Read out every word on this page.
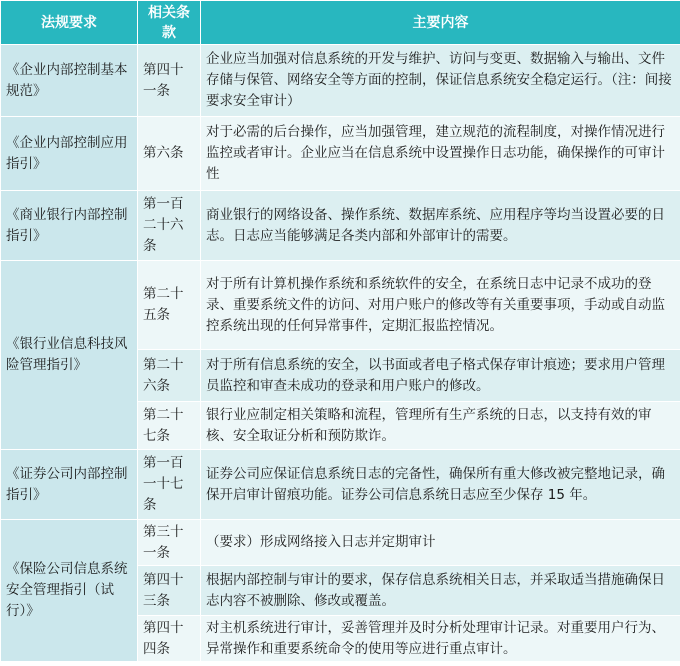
法规要求	相关条款	主要内容
《企业内部控制基本规范》	第四十一条	企业应当加强对信息系统的开发与维护、访问与变更、数据输入与输出、文件存储与保管、网络安全等方面的控制，保证信息系统安全稳定运行。（注：间接要求安全审计）
《企业内部控制应用指引》	第六条	对于必需的后台操作，应当加强管理，建立规范的流程制度，对操作情况进行监控或者审计。企业应当在信息系统中设置操作日志功能，确保操作的可审计性
《商业银行内部控制指引》	第一百二十六条	商业银行的网络设备、操作系统、数据库系统、应用程序等均当设置必要的日志。日志应当能够满足各类内部和外部审计的需要。
《银行业信息科技风险管理指引》	第二十五条	对于所有计算机操作系统和系统软件的安全，在系统日志中记录不成功的登录、重要系统文件的访问、对用户账户的修改等有关重要事项，手动或自动监控系统出现的任何异常事件，定期汇报监控情况。
	第二十六条	对于所有信息系统的安全，以书面或者电子格式保存审计痕迹；要求用户管理员监控和审查未成功的登录和用户账户的修改。
	第二十七条	银行业应制定相关策略和流程，管理所有生产系统的日志，以支持有效的审核、安全取证分析和预防欺诈。
《证券公司内部控制指引》	第一百一十七条	证券公司应保证信息系统日志的完备性，确保所有重大修改被完整地记录，确保开启审计留痕功能。证券公司信息系统日志应至少保存 15 年。
《保险公司信息系统安全管理指引（试行）》	第三十一条	（要求）形成网络接入日志并定期审计
	第四十三条	根据内部控制与审计的要求，保存信息系统相关日志，并采取适当措施确保日志内容不被删除、修改或覆盖。
	第四十四条	对主机系统进行审计，妥善管理并及时分析处理审计记录。对重要用户行为、异常操作和重要系统命令的使用等应进行重点审计。
